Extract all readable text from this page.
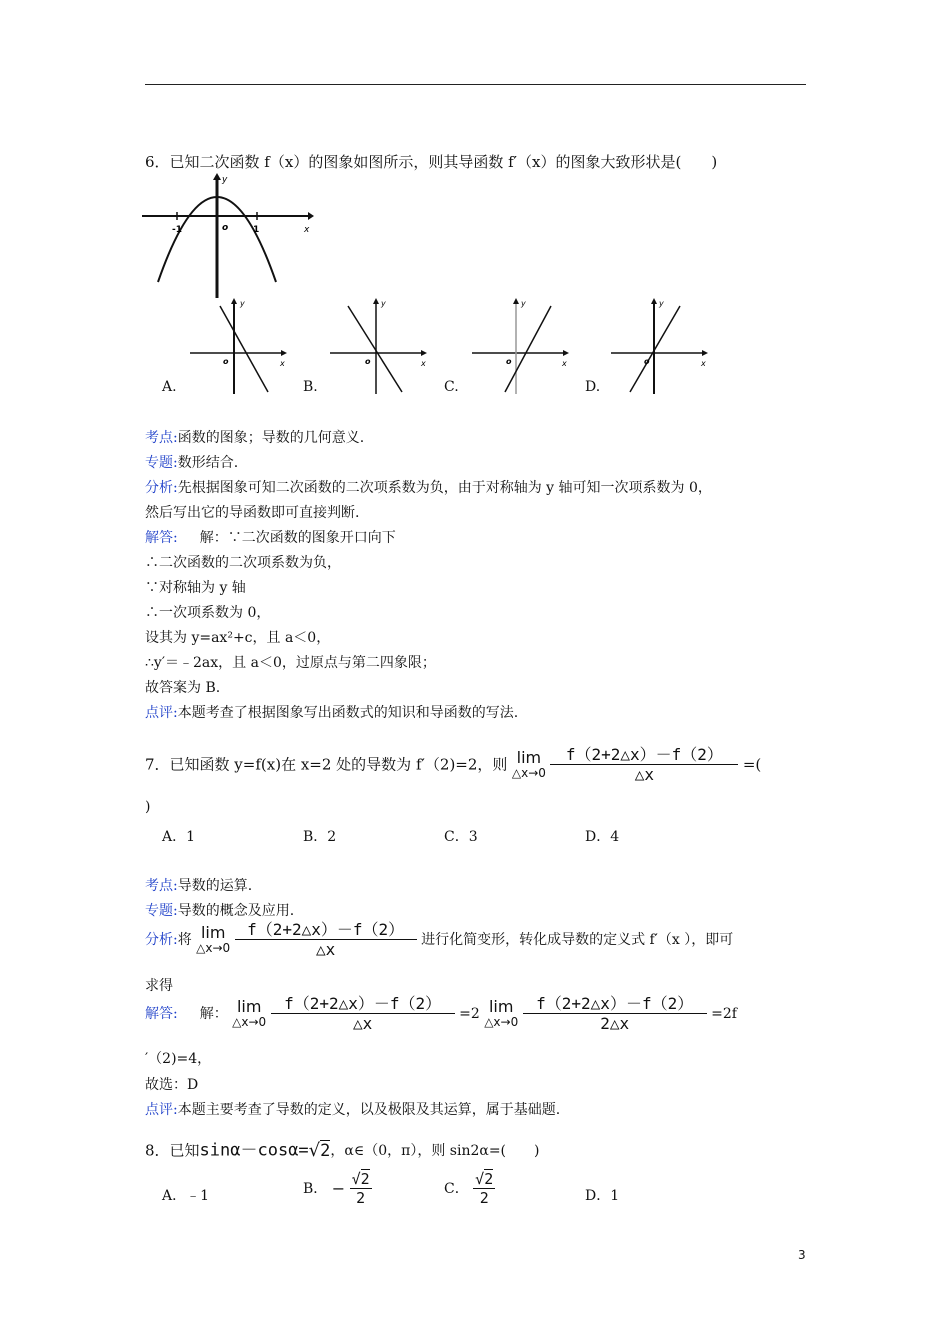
6．已知二次函数 f（x）的图象如图所示，则其导函数 f′（x）的图象大致形状是(　　)
y
x
o
-1	1
y
x
o
A.
y
x
o
B.
y
x
o
C.
y
x
o
D.
考点:函数的图象；导数的几何意义.
专题:数形结合.
分析:先根据图象可知二次函数的二次项系数为负，由于对称轴为 y 轴可知一次项系数为 0，
然后写出它的导函数即可直接判断.
解答: 解：∵二次函数的图象开口向下
∴二次函数的二次项系数为负，
∵对称轴为 y 轴
∴一次项系数为 0，
设其为 y=ax²+c，且 a＜0，
∴y′＝﹣2ax，且 a＜0，过原点与第二四象限；
故答案为 B.
点评:本题考查了根据图象写出函数式的知识和导函数的写法.
7．已知函数 y=f(x)在 x=2 处的导数为 f′（2)=2，则 lim
△x→0
$\frac{f(2+2\triangle x)-f(2)}{\triangle x}$ =(
)
A．1	B．2	C．3	D．4
考点:导数的运算.
专题:导数的概念及应用.
分析:将 lim
△x→0
$\frac{f(2+2\triangle x)-f(2)}{\triangle x}$ 进行化简变形，转化成导数的定义式 f′（x ），即可
求得
解答: 解： lim
△x→0
$\frac{f(2+2\triangle x)-f(2)}{\triangle x} =2$ lim
△x→0
$\frac{f(2+2\triangle x)-f(2)}{2\triangle x} =2f$
′（2)=4，
故选：D
点评:本题主要考查了导数的定义，以及极限及其运算，属于基础题.
8．已知sinα－cosα=√2，α∈（0，π），则 sin2α=(　　)
A．﹣1	B． − $\frac{√2}{2}$	C． $\frac{√2}{2}$	D．1
3
